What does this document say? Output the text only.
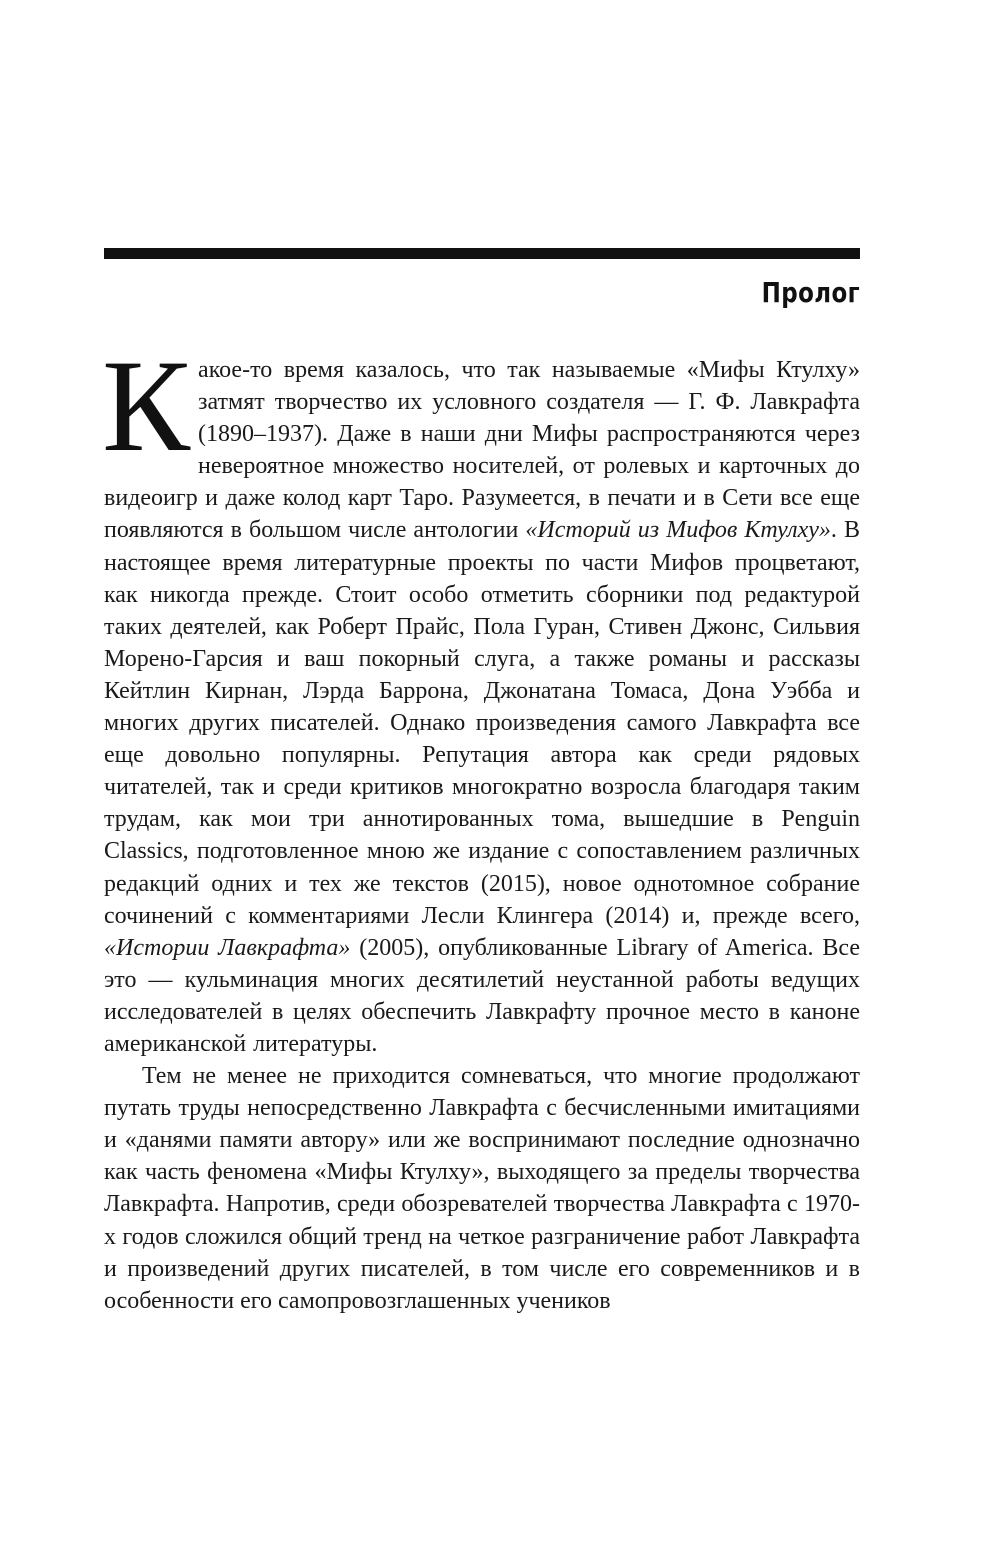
Пролог

Какое-то время казалось, что так называемые «Мифы Ктулху» затмят творчество их условного создателя — Г. Ф. Лавкрафта (1890–1937). Даже в наши дни Мифы распространяются через невероятное множество носителей, от ролевых и карточных до видеоигр и даже колод карт Таро. Разумеется, в печати и в Сети все еще появляются в большом числе антологии «Историй из Мифов Ктулху». В настоящее время литературные проекты по части Мифов процветают, как никогда прежде. Стоит особо отметить сборники под редактурой таких деятелей, как Роберт Прайс, Пола Гуран, Стивен Джонс, Сильвия Морено-Гарсия и ваш покорный слуга, а также романы и рассказы Кейтлин Кирнан, Лэрда Баррона, Джонатана Томаса, Дона Уэбба и многих других писателей. Однако произведения самого Лавкрафта все еще довольно популярны. Репутация автора как среди рядовых читателей, так и среди критиков многократно возросла благодаря таким трудам, как мои три аннотированных тома, вышедшие в Penguin Classics, подготовленное мною же издание с сопоставлением различных редакций одних и тех же текстов (2015), новое однотомное собрание сочинений с комментариями Лесли Клингера (2014) и, прежде всего, «Истории Лавкрафта» (2005), опубликованные Library of America. Все это — кульминация многих десятилетий неустанной работы ведущих исследователей в целях обеспечить Лавкрафту прочное место в каноне американской литературы.

Тем не менее не приходится сомневаться, что многие продолжают путать труды непосредственно Лавкрафта с бесчисленными имитациями и «данями памяти автору» или же воспринимают последние однозначно как часть феномена «Мифы Ктулху», выходящего за пределы творчества Лавкрафта. Напротив, среди обозревателей творчества Лавкрафта с 1970-х годов сложился общий тренд на четкое разграничение работ Лавкрафта и произведений других писателей, в том числе его современников и в особенности его самопровозглашенных учеников
